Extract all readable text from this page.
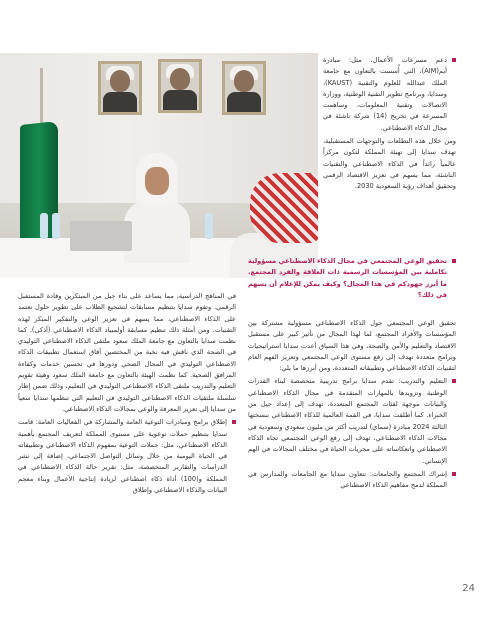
دعم مسرعات الأعمال، مثل: مبادرة أيم(AIM)، التي أُسست بالتعاون مع جامعة الملك عبدالله للعلوم والتقنية (KAUST)، وسدايا، وبرنامج تطوير التقنية الوطنية، ووزارة الاتصالات وتقنية المعلومات، وساهمت المسرعة في تخريج (14) شركة ناشئة في مجال الذكاء الاصطناعي.

ومن خلال هذه التطلعات والتوجهات المستقبلية، تهدف سدايا إلى تهيئة المملكة لتكون مركزاً عالمياً رائداً في الذكاء الاصطناعي والتقنيات الناشئة، مما يسهم في تعزيز الاقتصاد الرقمي وتحقيق أهداف رؤية السعودية 2030.

تحقيق الوعي المجتمعي في مجال الذكاء الاصطناعي مسؤولية تكاملية بين المؤسسات الرسمية ذات العلاقة والفرد المجتمع. ما أبرز جهودكم في هذا المجال؟ وكيف يمكن للإعلام أن يسهم في ذلك؟

تحقيق الوعي المجتمعي حول الذكاء الاصطناعي مسؤولية مشتركة بين المؤسسات والأفراد المجتمع، لما لهذا المجال من تأثير كبير على مستقبل الاقتصاد والتعليم والأمن والصحة، وفي هذا السياق أعدت سدايا استراتيجيات وبرامج متعددة تهدف إلى رفع مستوى الوعي المجتمعي وتعزيز الفهم العام لتقنيات الذكاء الاصطناعي وتطبيقاته المتعددة، ومن أبرزها ما يلي:

التعليم والتدريب: تقدم سدايا برامج تدريبية متخصصة لبناء القدرات الوطنية وتزويدها بالمهارات المتقدمة في مجال الذكاء الاصطناعي والبيانات موجهة لفئات المجتمع المتعددة، تهدف إلى إعداد جيل من الخبراء. كما أطلقت سدايا، في القمة العالمية للذكاء الاصطناعي بنسختها الثالثة 2024 مبادرة (سماي) لتدريب أكثر من مليون سعودي وسعودية في مجالات الذكاء الاصطناعي، تهدف إلى رفع الوعي المجتمعي تجاه الذكاء الاصطناعي وانعكاساته على مجريات الحياة في مختلف المجالات في الهم الإنساني.

إشراك المجتمع والجامعات: تتعاون سدايا مع الجامعات والمدارس في المملكة لدمج مفاهيم الذكاء الاصطناعي

في المناهج الدراسية، مما يساعد على بناء جيل من المبتكرين وقادة المستقبل الرقمي. وتقوم سدايا بتنظيم مسابقات لتشجيع الطلاب على تطوير حلول تعتمد على الذكاء الاصطناعي، مما يسهم في تعزيز الوعي والتفكير المبكر لهذه التقنيات. ومن أمثلة ذلك تنظيم مسابقة أولمبياد الذكاء الاصطناعي (أذكى). كما نظمت سدايا بالتعاون مع جامعة الملك سعود ملتقى الذكاء الاصطناعي التوليدي في الصحة الذي ناقش فيه نخبة من المختصين آفاق استعمال تطبيقات الذكاء الاصطناعي التوليدي في المجال الصحي ودورها في تحسين خدمات وكفاءة المرافق الصحية. كما نظمت الهيئة بالتعاون مع جامعة الملك سعود وهيئة تقويم التعليم والتدريب ملتقى الذكاء الاصطناعي التوليدي في التعليم، وذلك ضمن إطار سلسلة ملتقيات الذكاء الاصطناعي التوليدي في التعليم التي تنظمها سدايا سعياً من سدايا إلى تعزيز المعرفة والوعي بمجالات الذكاء الاصطناعي.

إطلاق برامج ومبادرات التوعية العامة والمشاركة في الفعاليات العامة: قامت سدايا بتنظيم حملات توعوية على مستوى المملكة لتعريف المجتمع بأهمية الذكاء الاصطناعي، مثل: حملات التوعية بمفهوم الذكاء الاصطناعي وتطبيقاته في الحياة اليومية من خلال وسائل التواصل الاجتماعي، إضافة إلى نشر الدراسات والتقارير المتخصصة، مثل: تقرير حالة الذكاء الاصطناعي في المملكة و(100) أداة ذكاء اصطناعي لزيادة إنتاجية الأعمال وبناء معجم البيانات والذكاء الاصطناعي وإطلاق

24
